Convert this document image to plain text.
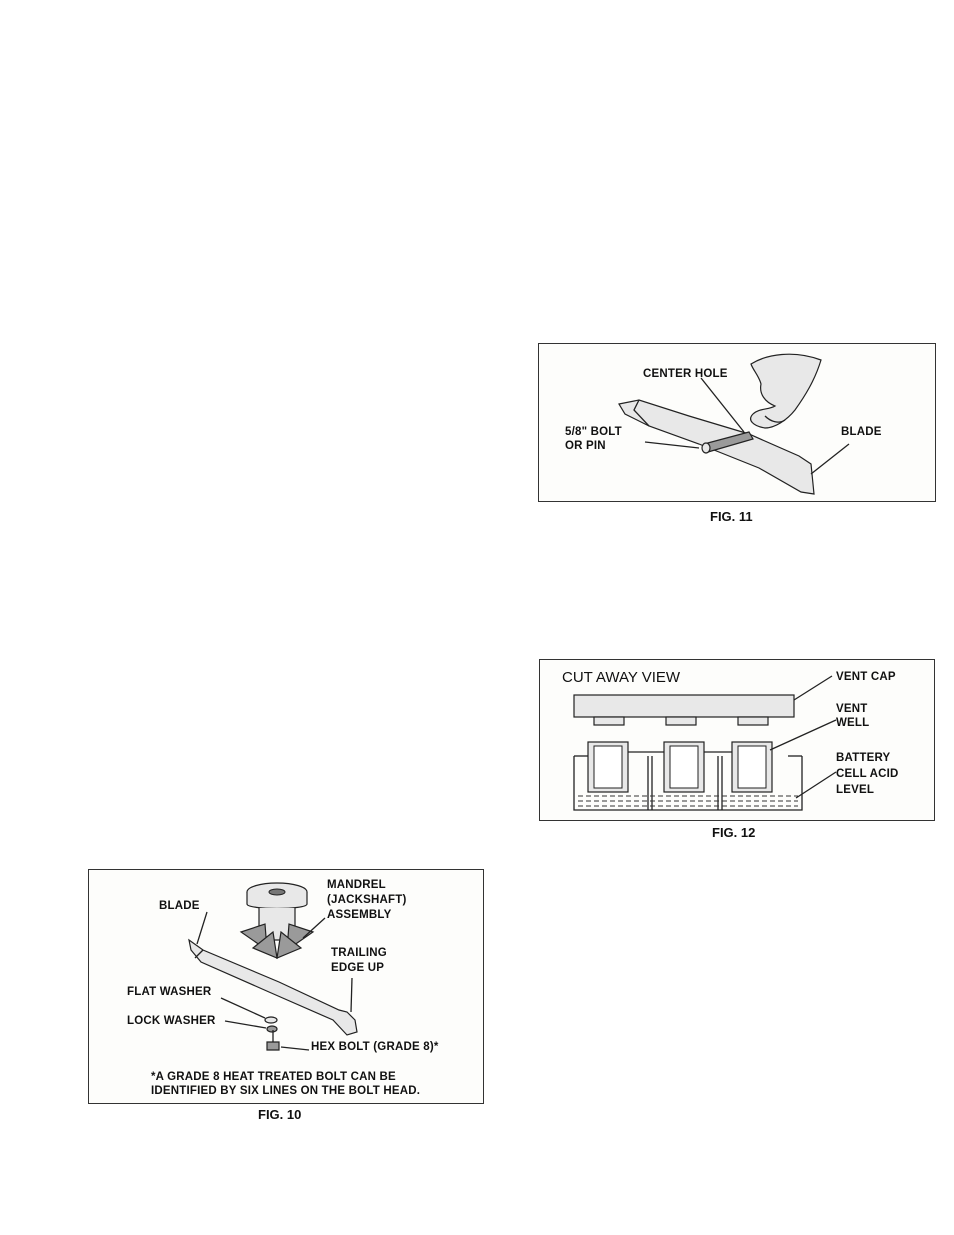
CENTER HOLE
5/8" BOLT
OR PIN
BLADE
FIG. 11
CUT AWAY VIEW	VENT CAP
VENT
WELL
BATTERY
CELL ACID
LEVEL
FIG. 12
BLADE
MANDREL
(JACKSHAFT)
ASSEMBLY
TRAILING
EDGE UP
FLAT WASHER
LOCK WASHER
HEX BOLT (GRADE 8)*
*A GRADE 8 HEAT TREATED BOLT CAN BE
IDENTIFIED BY SIX LINES ON THE BOLT HEAD.
FIG. 10
